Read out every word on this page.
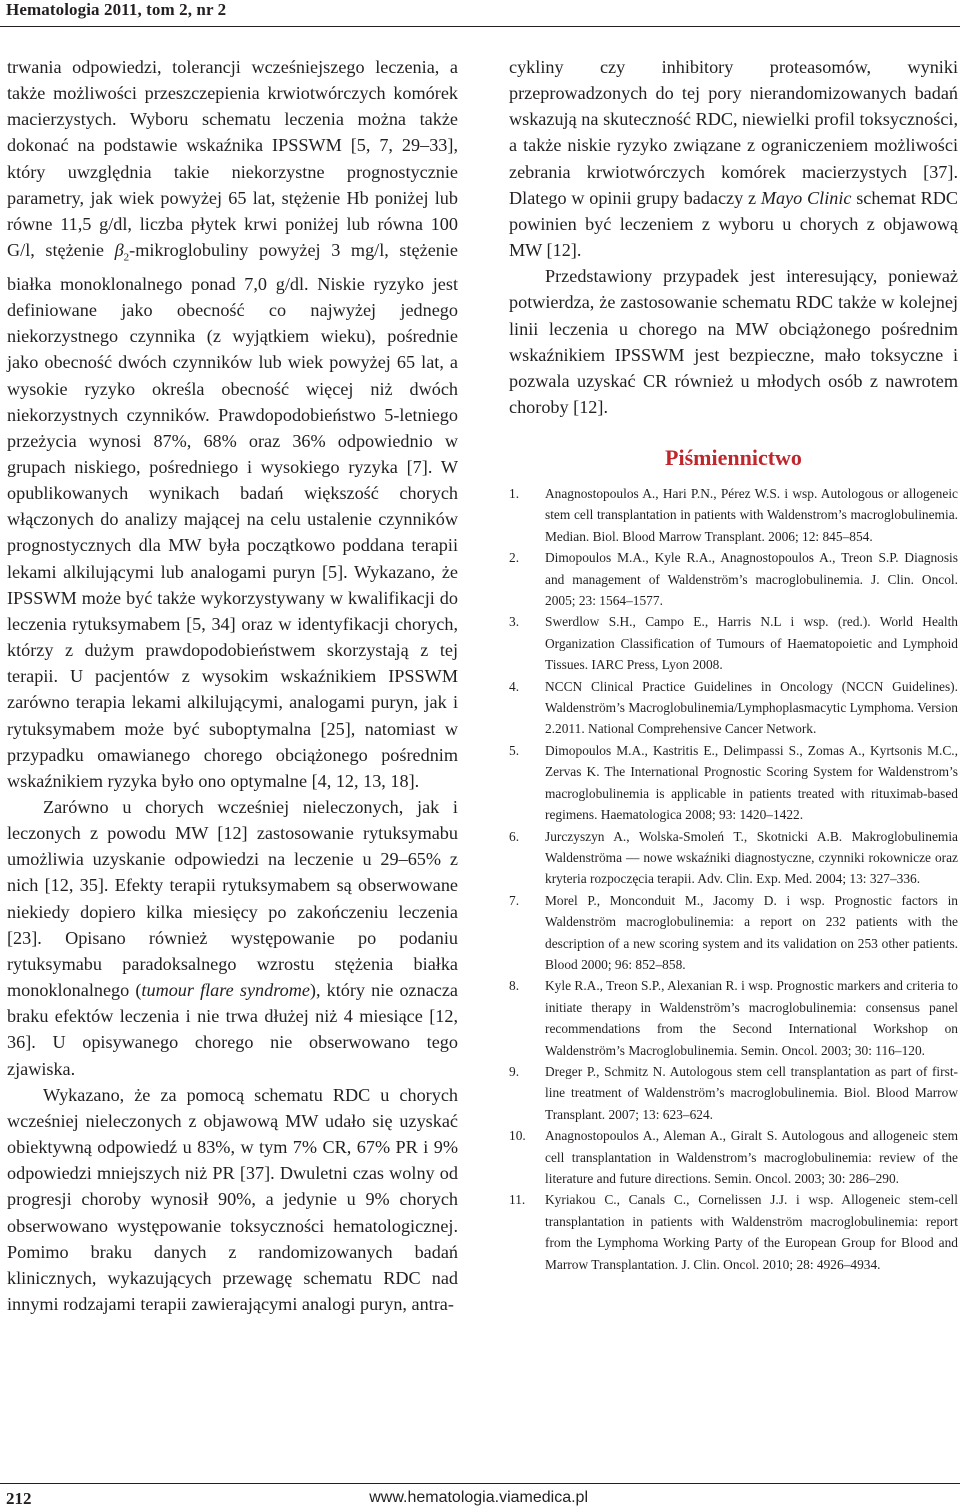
Hematologia 2011, tom 2, nr 2

trwania odpowiedzi, tolerancji wcześniejszego leczenia, a także możliwości przeszczepienia krwiotwórczych komórek macierzystych. Wyboru schematu leczenia można także dokonać na podstawie wskaźnika IPSSWM [5, 7, 29–33], który uwzględnia takie niekorzystne prognostycznie parametry, jak wiek powyżej 65 lat, stężenie Hb poniżej lub równe 11,5 g/dl, liczba płytek krwi poniżej lub równa 100 G/l, stężenie $\beta_2$-mikroglobuliny powyżej 3 mg/l, stężenie białka monoklonalnego ponad 7,0 g/dl. Niskie ryzyko jest definiowane jako obecność co najwyżej jednego niekorzystnego czynnika (z wyjątkiem wieku), pośrednie jako obecność dwóch czynników lub wiek powyżej 65 lat, a wysokie ryzyko określa obecność więcej niż dwóch niekorzystnych czynników. Prawdopodobieństwo 5-letniego przeżycia wynosi 87%, 68% oraz 36% odpowiednio w grupach niskiego, pośredniego i wysokiego ryzyka [7]. W opublikowanych wynikach badań większość chorych włączonych do analizy mającej na celu ustalenie czynników prognostycznych dla MW była początkowo poddana terapii lekami alkilującymi lub analogami puryn [5]. Wykazano, że IPSSWM może być także wykorzystywany w kwalifikacji do leczenia rytuksymabem [5, 34] oraz w identyfikacji chorych, którzy z dużym prawdopodobieństwem skorzystają z tej terapii. U pacjentów z wysokim wskaźnikiem IPSSWM zarówno terapia lekami alkilującymi, analogami puryn, jak i rytuksymabem może być suboptymalna [25], natomiast w przypadku omawianego chorego obciążonego pośrednim wskaźnikiem ryzyka było ono optymalne [4, 12, 13, 18].

Zarówno u chorych wcześniej nieleczonych, jak i leczonych z powodu MW [12] zastosowanie rytuksymabu umożliwia uzyskanie odpowiedzi na leczenie u 29–65% z nich [12, 35]. Efekty terapii rytuksymabem są obserwowane niekiedy dopiero kilka miesięcy po zakończeniu leczenia [23]. Opisano również występowanie po podaniu rytuksymabu paradoksalnego wzrostu stężenia białka monoklonalnego (tumour flare syndrome), który nie oznacza braku efektów leczenia i nie trwa dłużej niż 4 miesiące [12, 36]. U opisywanego chorego nie obserwowano tego zjawiska.

Wykazano, że za pomocą schematu RDC u chorych wcześniej nieleczonych z objawową MW udało się uzyskać obiektywną odpowiedź u 83%, w tym 7% CR, 67% PR i 9% odpowiedzi mniejszych niż PR [37]. Dwuletni czas wolny od progresji choroby wynosił 90%, a jedynie u 9% chorych obserwowano występowanie toksyczności hematologicznej. Pomimo braku danych z randomizowanych badań klinicznych, wykazujących przewagę schematu RDC nad innymi rodzajami terapii zawierającymi analogi puryn, antra-

cykliny czy inhibitory proteasomów, wyniki przeprowadzonych do tej pory nierandomizowanych badań wskazują na skuteczność RDC, niewielki profil toksyczności, a także niskie ryzyko związane z ograniczeniem możliwości zebrania krwiotwórczych komórek macierzystych [37]. Dlatego w opinii grupy badaczy z Mayo Clinic schemat RDC powinien być leczeniem z wyboru u chorych z objawową MW [12].

Przedstawiony przypadek jest interesujący, ponieważ potwierdza, że zastosowanie schematu RDC także w kolejnej linii leczenia u chorego na MW obciążonego pośrednim wskaźnikiem IPSSWM jest bezpieczne, mało toksyczne i pozwala uzyskać CR również u młodych osób z nawrotem choroby [12].

Piśmiennictwo
1. Anagnostopoulos A., Hari P.N., Pérez W.S. i wsp. Autologous or allogeneic stem cell transplantation in patients with Waldenstrom’s macroglobulinemia. Median. Biol. Blood Marrow Transplant. 2006; 12: 845–854.
2. Dimopoulos M.A., Kyle R.A., Anagnostopoulos A., Treon S.P. Diagnosis and management of Waldenström’s macroglobulinemia. J. Clin. Oncol. 2005; 23: 1564–1577.
3. Swerdlow S.H., Campo E., Harris N.L i wsp. (red.). World Health Organization Classification of Tumours of Haematopoietic and Lymphoid Tissues. IARC Press, Lyon 2008.
4. NCCN Clinical Practice Guidelines in Oncology (NCCN Guidelines). Waldenström’s Macroglobulinemia/Lymphoplasmacytic Lymphoma. Version 2.2011. National Comprehensive Cancer Network.
5. Dimopoulos M.A., Kastritis E., Delimpassi S., Zomas A., Kyrtsonis M.C., Zervas K. The International Prognostic Scoring System for Waldenstrom’s macroglobulinemia is applicable in patients treated with rituximab-based regimens. Haematologica 2008; 93: 1420–1422.
6. Jurczyszyn A., Wolska-Smoleń T., Skotnicki A.B. Makroglobulinemia Waldenströma — nowe wskaźniki diagnostyczne, czynniki rokownicze oraz kryteria rozpoczęcia terapii. Adv. Clin. Exp. Med. 2004; 13: 327–336.
7. Morel P., Monconduit M., Jacomy D. i wsp. Prognostic factors in Waldenström macroglobulinemia: a report on 232 patients with the description of a new scoring system and its validation on 253 other patients. Blood 2000; 96: 852–858.
8. Kyle R.A., Treon S.P., Alexanian R. i wsp. Prognostic markers and criteria to initiate therapy in Waldenström’s macroglobulinemia: consensus panel recommendations from the Second International Workshop on Waldenström’s Macroglobulinemia. Semin. Oncol. 2003; 30: 116–120.
9. Dreger P., Schmitz N. Autologous stem cell transplantation as part of first-line treatment of Waldenström’s macroglobulinemia. Biol. Blood Marrow Transplant. 2007; 13: 623–624.
10. Anagnostopoulos A., Aleman A., Giralt S. Autologous and allogeneic stem cell transplantation in Waldenstrom’s macroglobulinemia: review of the literature and future directions. Semin. Oncol. 2003; 30: 286–290.
11. Kyriakou C., Canals C., Cornelissen J.J. i wsp. Allogeneic stem-cell transplantation in patients with Waldenström macroglobulinemia: report from the Lymphoma Working Party of the European Group for Blood and Marrow Transplantation. J. Clin. Oncol. 2010; 28: 4926–4934.
212	www.hematologia.viamedica.pl
